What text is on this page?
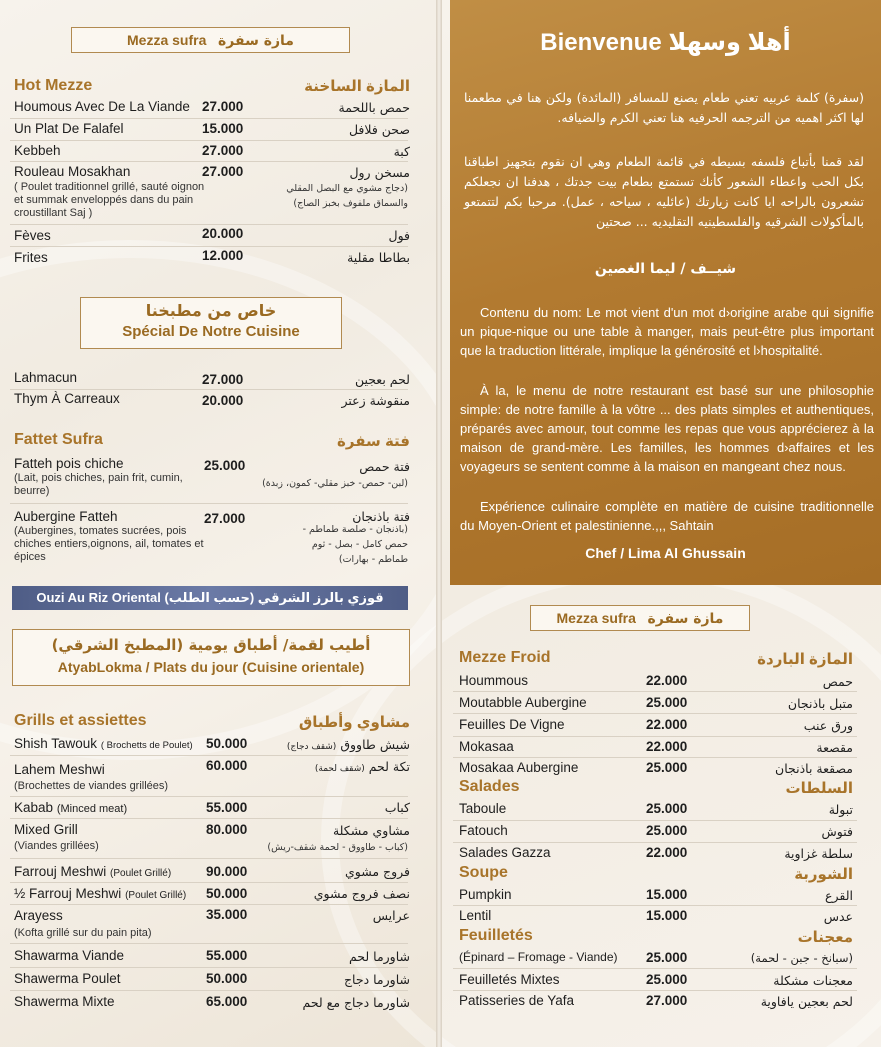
Mezza sufra مازة سفرة
Hot Mezze	المازة الساخنة
Houmous Avec De La Viande 27.000	حمص باللحمة
Un Plat De Falafel	15.000	صحن فلافل
Kebbeh	27.000	كبة
Rouleau Mosakhan	27.000	مسخن رول
( Poulet traditionnel grillé, sauté oignon et summak enveloppés dans du pain croustillant Saj )
(دجاج مشوي مع البصل المقلي
والسماق ملفوف بخبز الصاج)
Fèves	20.000	فول
Frites	12.000	بطاطا مقلية
خاص من مطبخنا
Spécial De Notre Cuisine
Lahmacun	27.000	لحم بعجين
Thym À Carreaux	20.000	منقوشة زعتر
Fattet Sufra	فتة سفرة
Fatteh pois chiche	25.000	فتة حمص
(Lait, pois chiches, pain frit, cumin, beurre)
(لبن- حمص- خبز مقلي- كمون، زبدة)
Aubergine Fatteh	27.000	فتة باذنجان
(Aubergines, tomates sucrées, pois chiches entiers,oignons, ail, tomates et épices
(باذنجان - صلصة طماطم -
حمص كامل - بصل - ثوم
طماطم - بهارات)
Ouzi Au Riz Oriental (حسب الطلب) قوزي بالرز الشرقي
أطيب لقمة/ أطباق يومية (المطبخ الشرقي)
AtyabLokma / Plats du jour (Cuisine orientale)
Grills et assiettes	مشاوي وأطباق
Shish Tawouk ( Brochetts de Poulet) 50.000	شيش طاووق (شقف دجاج)
Lahem Meshwi	60.000	تكة لحم (شقف لحمة)
(Brochettes de viandes grillées)
Kabab (Minced meat)	55.000	كباب
Mixed Grill	80.000	مشاوي مشكلة
(Viandes grillées)	(كباب - طاووق - لحمة شقف-ريش)
Farrouj Meshwi (Poulet Grillé)	90.000	فروج مشوي
½ Farrouj Meshwi (Poulet Grillé) 50.000	نصف فروج مشوي
Arayess	35.000	عرايس
(Kofta grillé sur du pain pita)
Shawarma Viande	55.000	شاورما لحم
Shawerma Poulet	50.000	شاورما دجاج
Shawerma Mixte	65.000	شاورما دجاج مع لحم
Bienvenue أهلا وسهلا
(سفرة) كلمة عربيه تعني طعام يصنع للمسافر (المائدة) ولكن هنا في مطعمنا لها اكثر اهميه من الترجمه الحرفيه هنا تعني الكرم والضيافه.
لقد قمنا بأتباع فلسفه بسيطه في قائمة الطعام وهي ان نقوم بتجهيز اطباقنا بكل الحب واعطاء الشعور كأنك تستمتع بطعام بيت جدتك ، هدفنا ان نجعلكم تشعرون بالراحه ايا كانت زيارتك (عائليه ، سياحه ، عمل). مرحبا بكم لتتمتعو بالمأكولات الشرقيه والفلسطينيه التقليديه ... صحتين
شيــف / ليما الغصين
Contenu du nom: Le mot vient d'un mot d›origine arabe qui signifie un pique-nique ou une table à manger, mais peut-être plus important que la traduction littérale, implique la générosité et l›hospitalité.
À la, le menu de notre restaurant est basé sur une philosophie simple: de notre famille à la vôtre ... des plats simples et authentiques, préparés avec amour, tout comme les repas que vous apprécierez à la maison de grand-mère. Les familles, les hommes d›affaires et les voyageurs se sentent comme à la maison en mangeant chez nous.
Expérience culinaire complète en matière de cuisine traditionnelle du Moyen-Orient et palestinienne.,,, Sahtain
Chef / Lima Al Ghussain
Mezza sufra مازة سفرة
Mezze Froid	المازة الباردة
Hoummous	22.000	حمص
Moutabble Aubergine	25.000	متبل باذنجان
Feuilles De Vigne	22.000	ورق عنب
Mokasaa	22.000	مقصعة
Mosakaa Aubergine	25.000	مصقعة باذنجان
Salades	السلطات
Taboule	25.000	تبولة
Fatouch	25.000	فتوش
Salades Gazza	22.000	سلطة غزاوية
Soupe	الشوربة
Pumpkin	15.000	القرع
Lentil	15.000	عدس
Feuilletés	معجنات
(Épinard – Fromage - Viande) 25.000	(سبانخ - جبن - لحمة)
Feuilletés Mixtes	25.000	معجنات مشكلة
Patisseries de Yafa	27.000	لحم بعجين يافاوية
